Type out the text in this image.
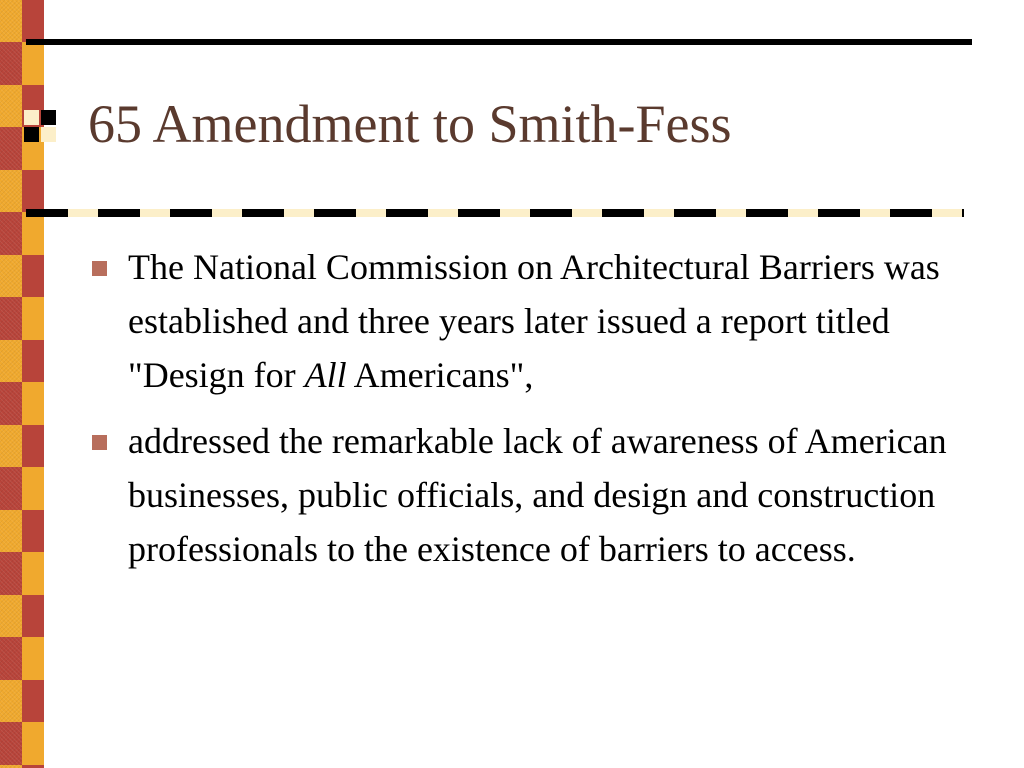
65 Amendment to Smith-Fess
The National Commission on Architectural Barriers was established and three years later issued a report titled "Design for All Americans",
addressed the remarkable lack of awareness of American businesses, public officials, and design and construction professionals to the existence of barriers to access.
